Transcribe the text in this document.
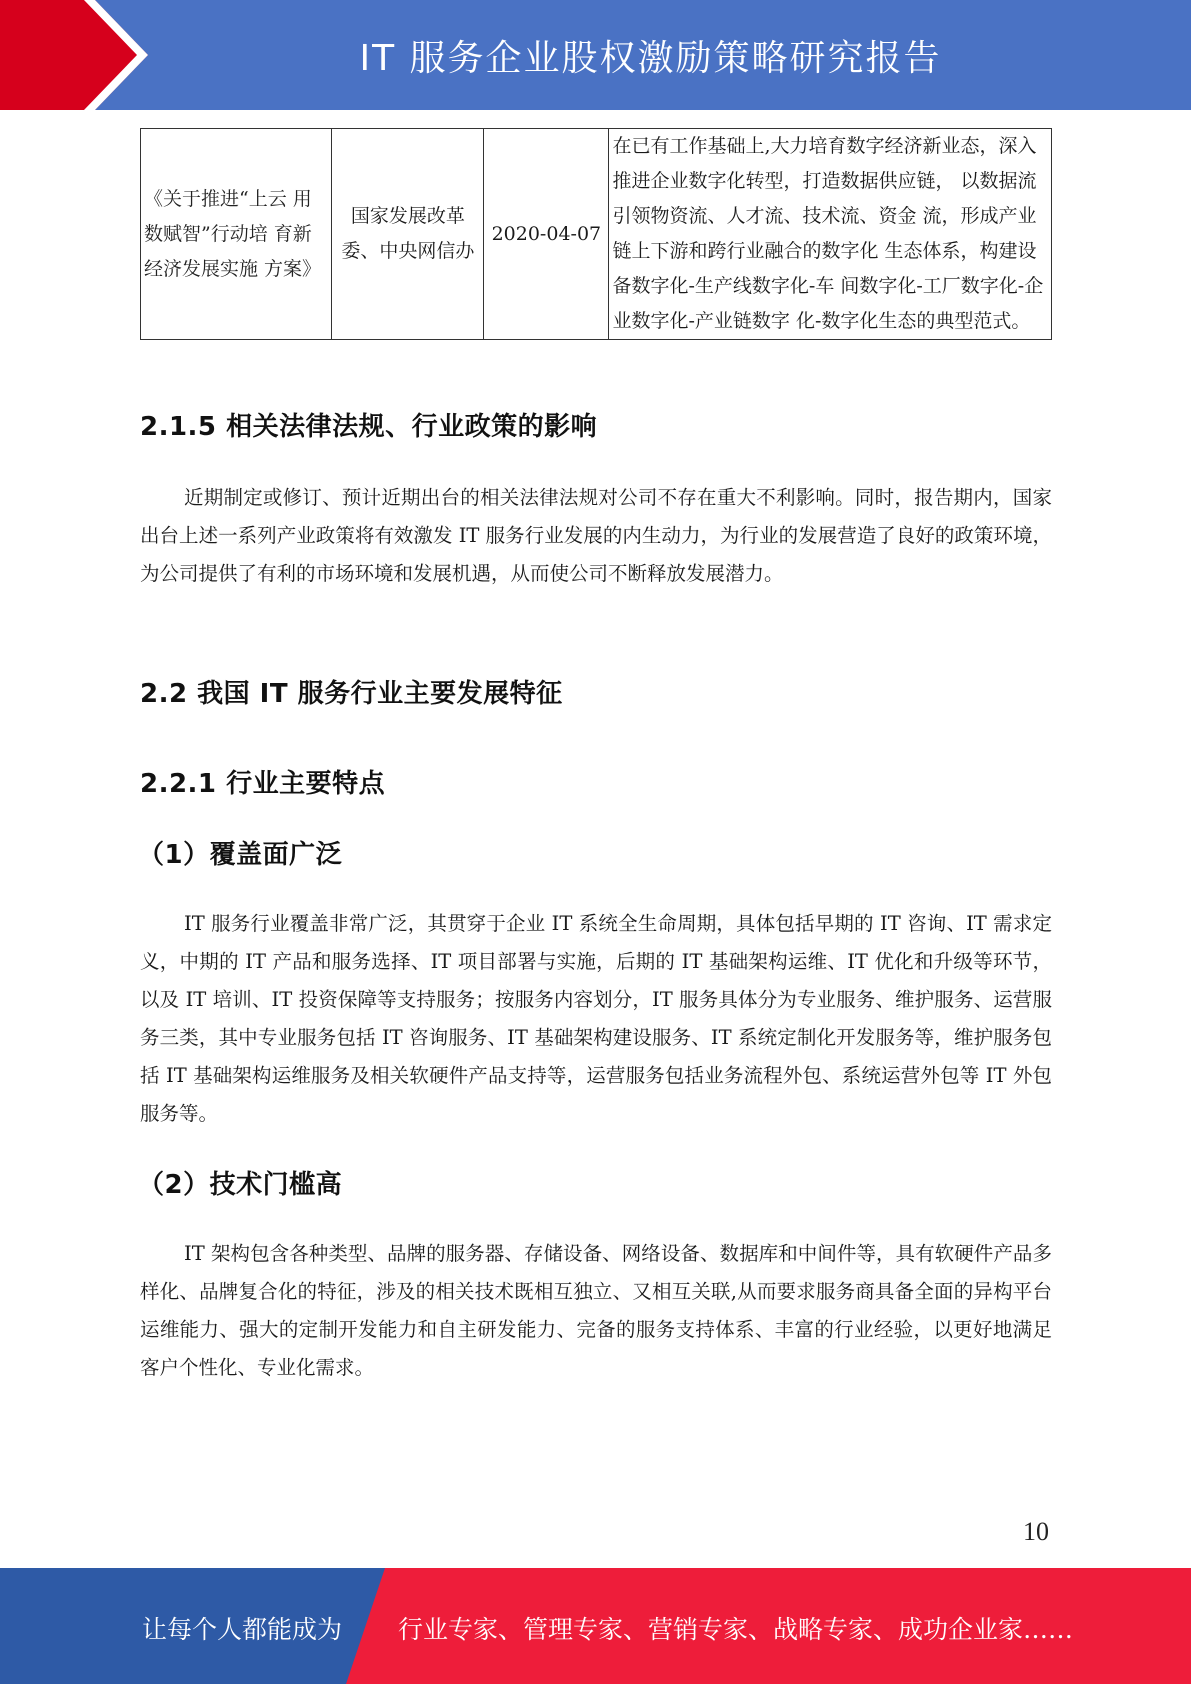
IT 服务企业股权激励策略研究报告
《关于推进“上云 用数赋智”行动培 育新经济发展实施 方案》	国家发展改革委、中央网信办	2020-04-07	在已有工作基础上,大力培育数字经济新业态，深入推进企业数字化转型，打造数据供应链， 以数据流引领物资流、人才流、技术流、资金 流，形成产业链上下游和跨行业融合的数字化 生态体系，构建设备数字化-生产线数字化-车 间数字化-工厂数字化-企业数字化-产业链数字 化-数字化生态的典型范式。
2.1.5 相关法律法规、行业政策的影响

近期制定或修订、预计近期出台的相关法律法规对公司不存在重大不利影响。同时，报告期内，国家出台上述一系列产业政策将有效激发 IT 服务行业发展的内生动力，为行业的发展营造了良好的政策环境，为公司提供了有利的市场环境和发展机遇，从而使公司不断释放发展潜力。

2.2 我国 IT 服务行业主要发展特征
2.2.1 行业主要特点
（1）覆盖面广泛

IT 服务行业覆盖非常广泛，其贯穿于企业 IT 系统全生命周期，具体包括早期的 IT 咨询、IT 需求定义，中期的 IT 产品和服务选择、IT 项目部署与实施，后期的 IT 基础架构运维、IT 优化和升级等环节，以及 IT 培训、IT 投资保障等支持服务；按服务内容划分，IT 服务具体分为专业服务、维护服务、运营服务三类，其中专业服务包括 IT 咨询服务、IT 基础架构建设服务、IT 系统定制化开发服务等，维护服务包括 IT 基础架构运维服务及相关软硬件产品支持等，运营服务包括业务流程外包、系统运营外包等 IT 外包服务等。

（2）技术门槛高

IT 架构包含各种类型、品牌的服务器、存储设备、网络设备、数据库和中间件等，具有软硬件产品多样化、品牌复合化的特征，涉及的相关技术既相互独立、又相互关联,从而要求服务商具备全面的异构平台运维能力、强大的定制开发能力和自主研发能力、完备的服务支持体系、丰富的行业经验，以更好地满足客户个性化、专业化需求。

10
让每个人都能成为 行业专家、管理专家、营销专家、战略专家、成功企业家……
